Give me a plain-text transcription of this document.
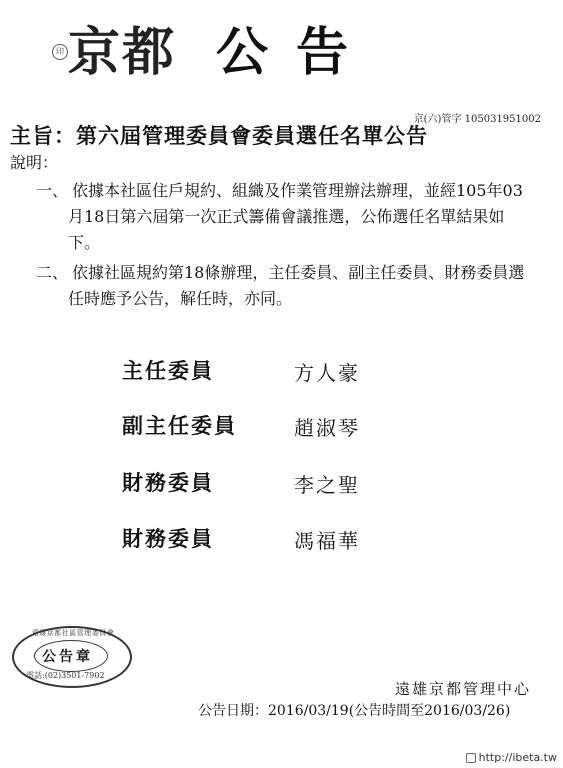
印 京都 公告
京(六)管字 105031951002
主旨：第六屆管理委員會委員選任名單公告
說明：
一、 依據本社區住戶規約、組織及作業管理辦法辦理，並經105年03月18日第六屆第一次正式籌備會議推選，公佈選任名單結果如下。
二、 依據社區規約第18條辦理，主任委員、副主任委員、財務委員選任時應予公告，解任時，亦同。
主任委員	方人豪
副主任委員	趙淑琴
財務委員	李之聖
財務委員	馮福華
遠雄京都社區管理委員會
公告章
電話:(02)3501-7902
遠雄京都管理中心
公告日期：2016/03/19(公告時間至2016/03/26)
http://ibeta.tw
